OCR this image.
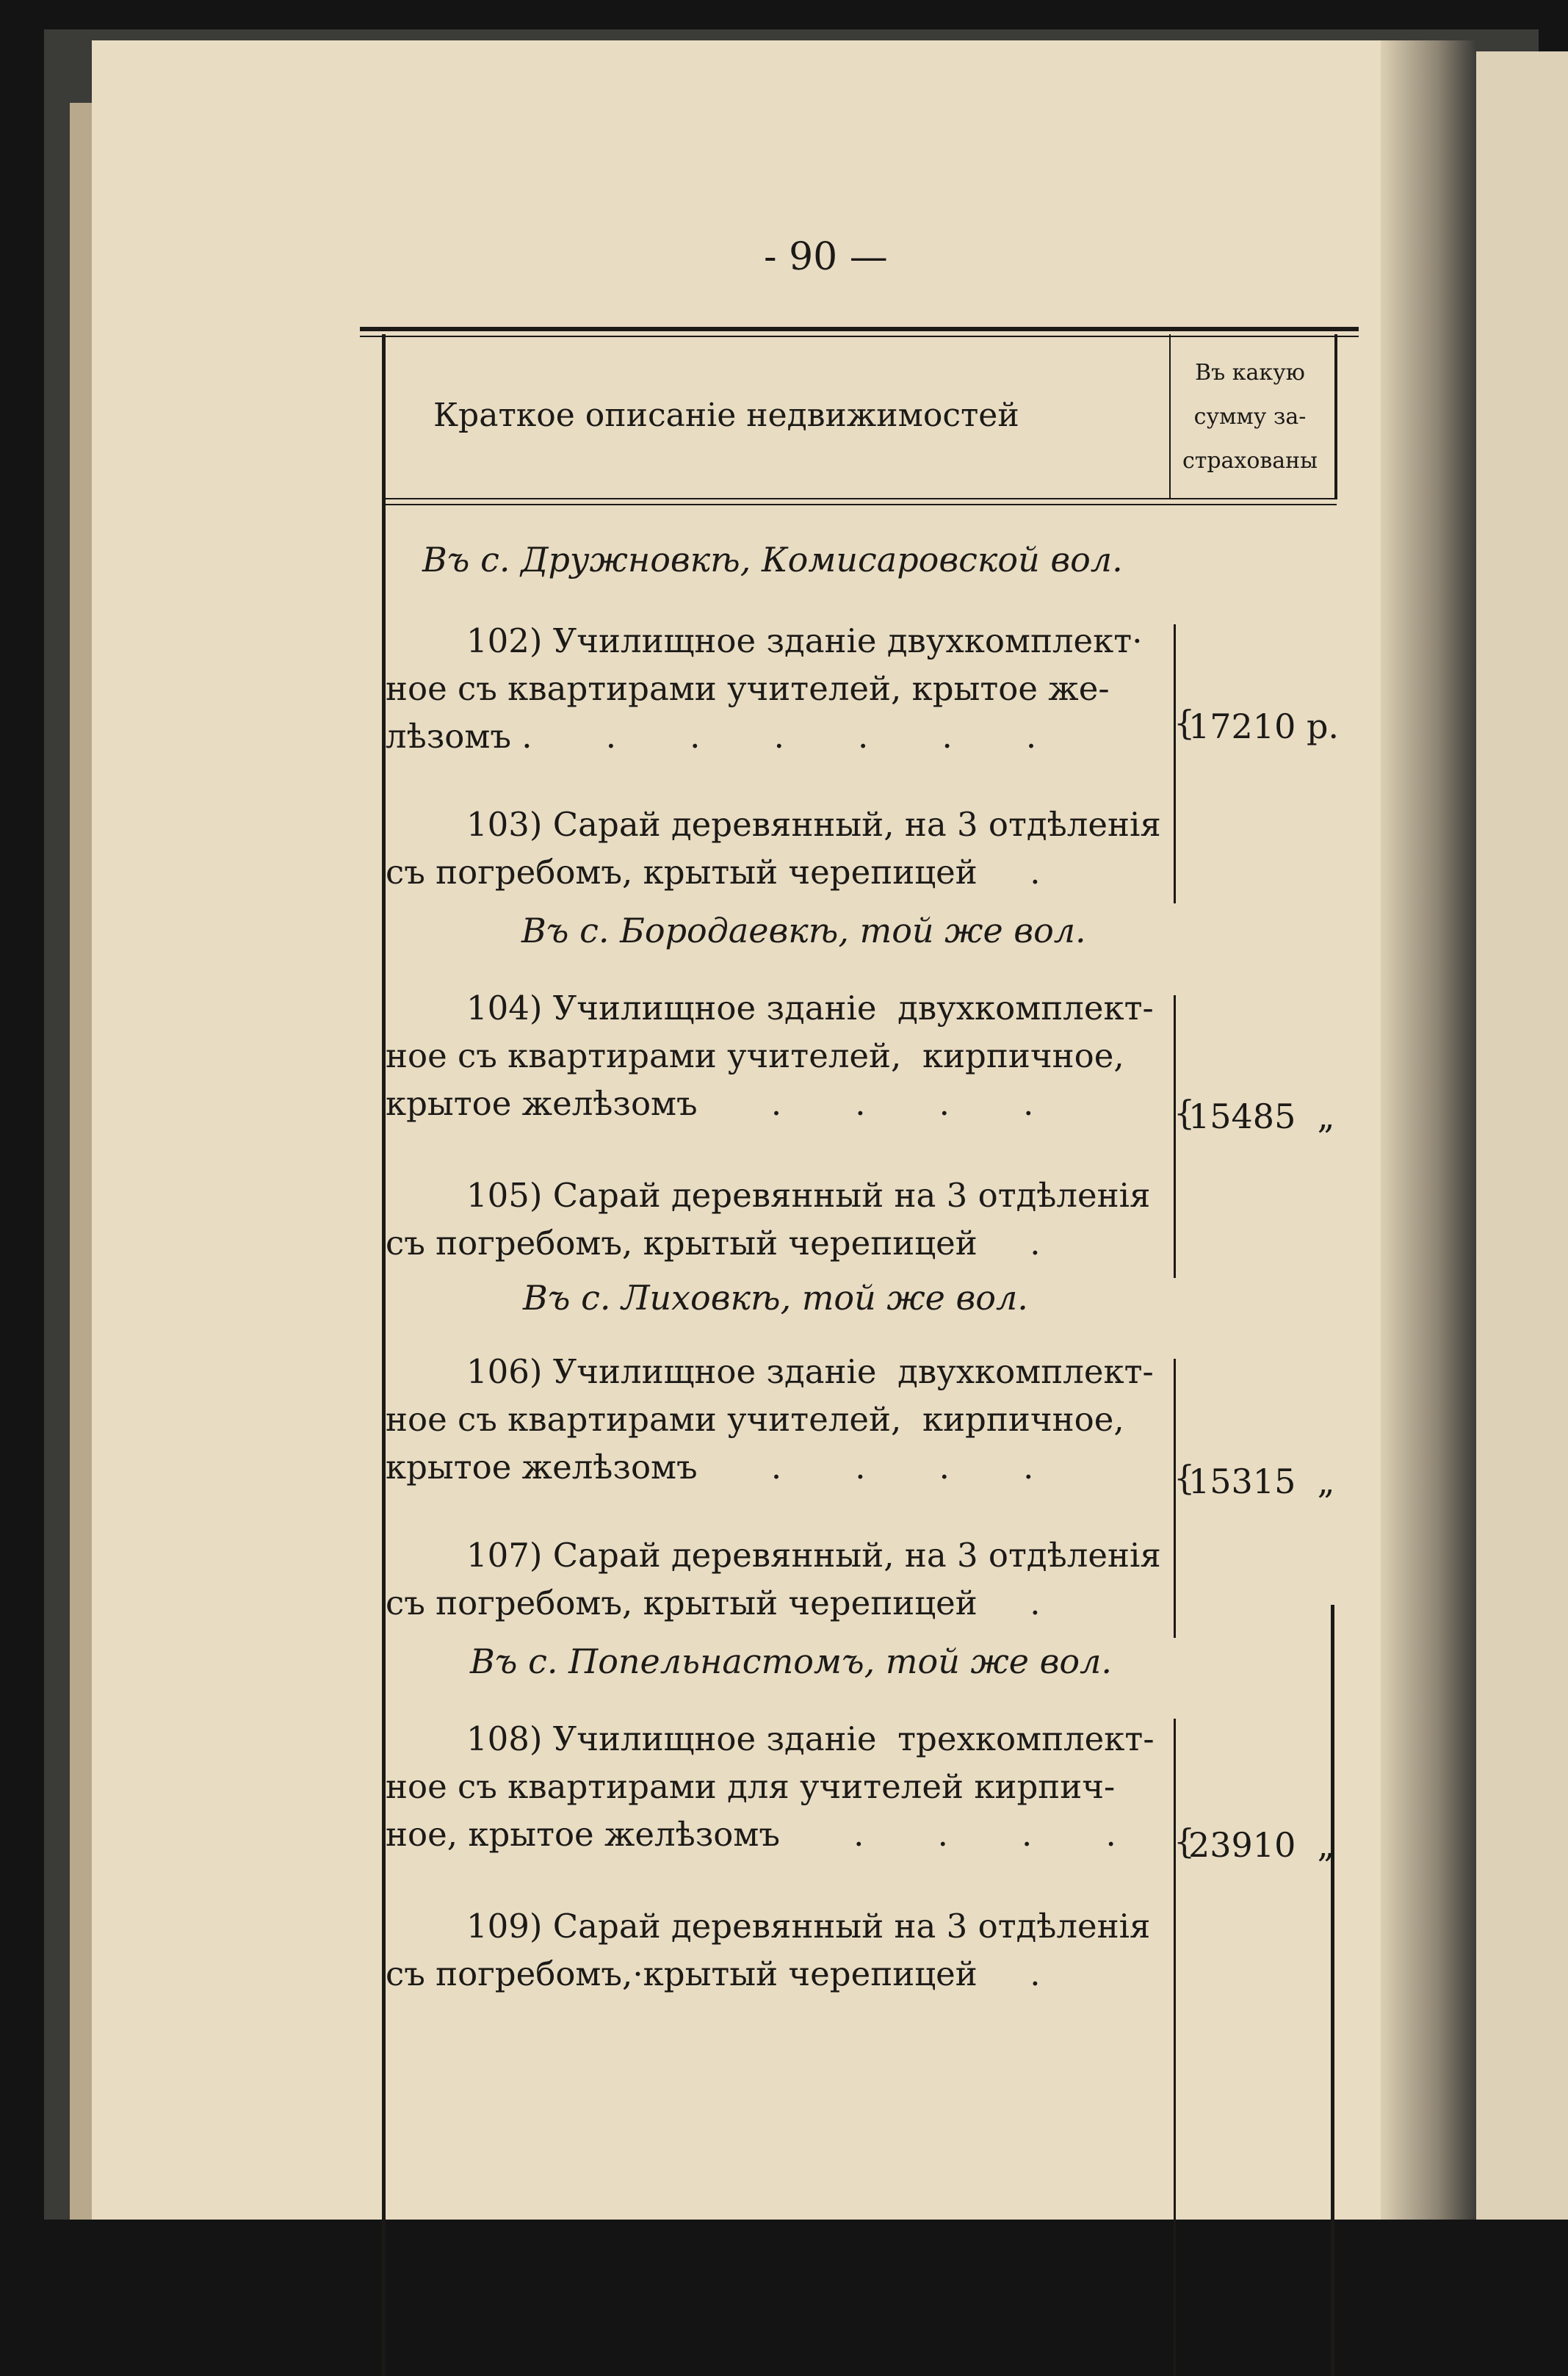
- 90 —
Краткое описанiе недвижимостей
Въ какую
сумму за-
страхованы
Въ с. Дружновкѣ, Комисаровской вол.
102) Училищное зданiе двухкомплект·
ное съ квартирами учителей, крытое же-
лѣзомъ .       .       .       .       .       .       .
103) Сарай деревянный, на 3 отдѣленiя
съ погребомъ, крытый черепицей     .
{
17210 р.
Въ с. Бородаевкѣ, той же вол.
104) Училищное зданiе  двухкомплект-
ное съ квартирами учителей,  кирпичное,
крытое желѣзомъ       .       .       .       .
105) Сарай деревянный на 3 отдѣленiя
съ погребомъ, крытый черепицей     .
{
15485  „
Въ с. Лиховкѣ, той же вол.
106) Училищное зданiе  двухкомплект-
ное съ квартирами учителей,  кирпичное,
крытое желѣзомъ       .       .       .       .
107) Сарай деревянный, на 3 отдѣленiя
съ погребомъ, крытый черепицей     .
{
15315  „
Въ с. Попельнастомъ, той же вол.
108) Училищное зданiе  трехкомплект-
ное съ квартирами для учителей кирпич-
ное, крытое желѣзомъ       .       .       .       .
109) Сарай деревянный на 3 отдѣленiя
съ погребомъ,·крытый черепицей     .
{
23910  „
